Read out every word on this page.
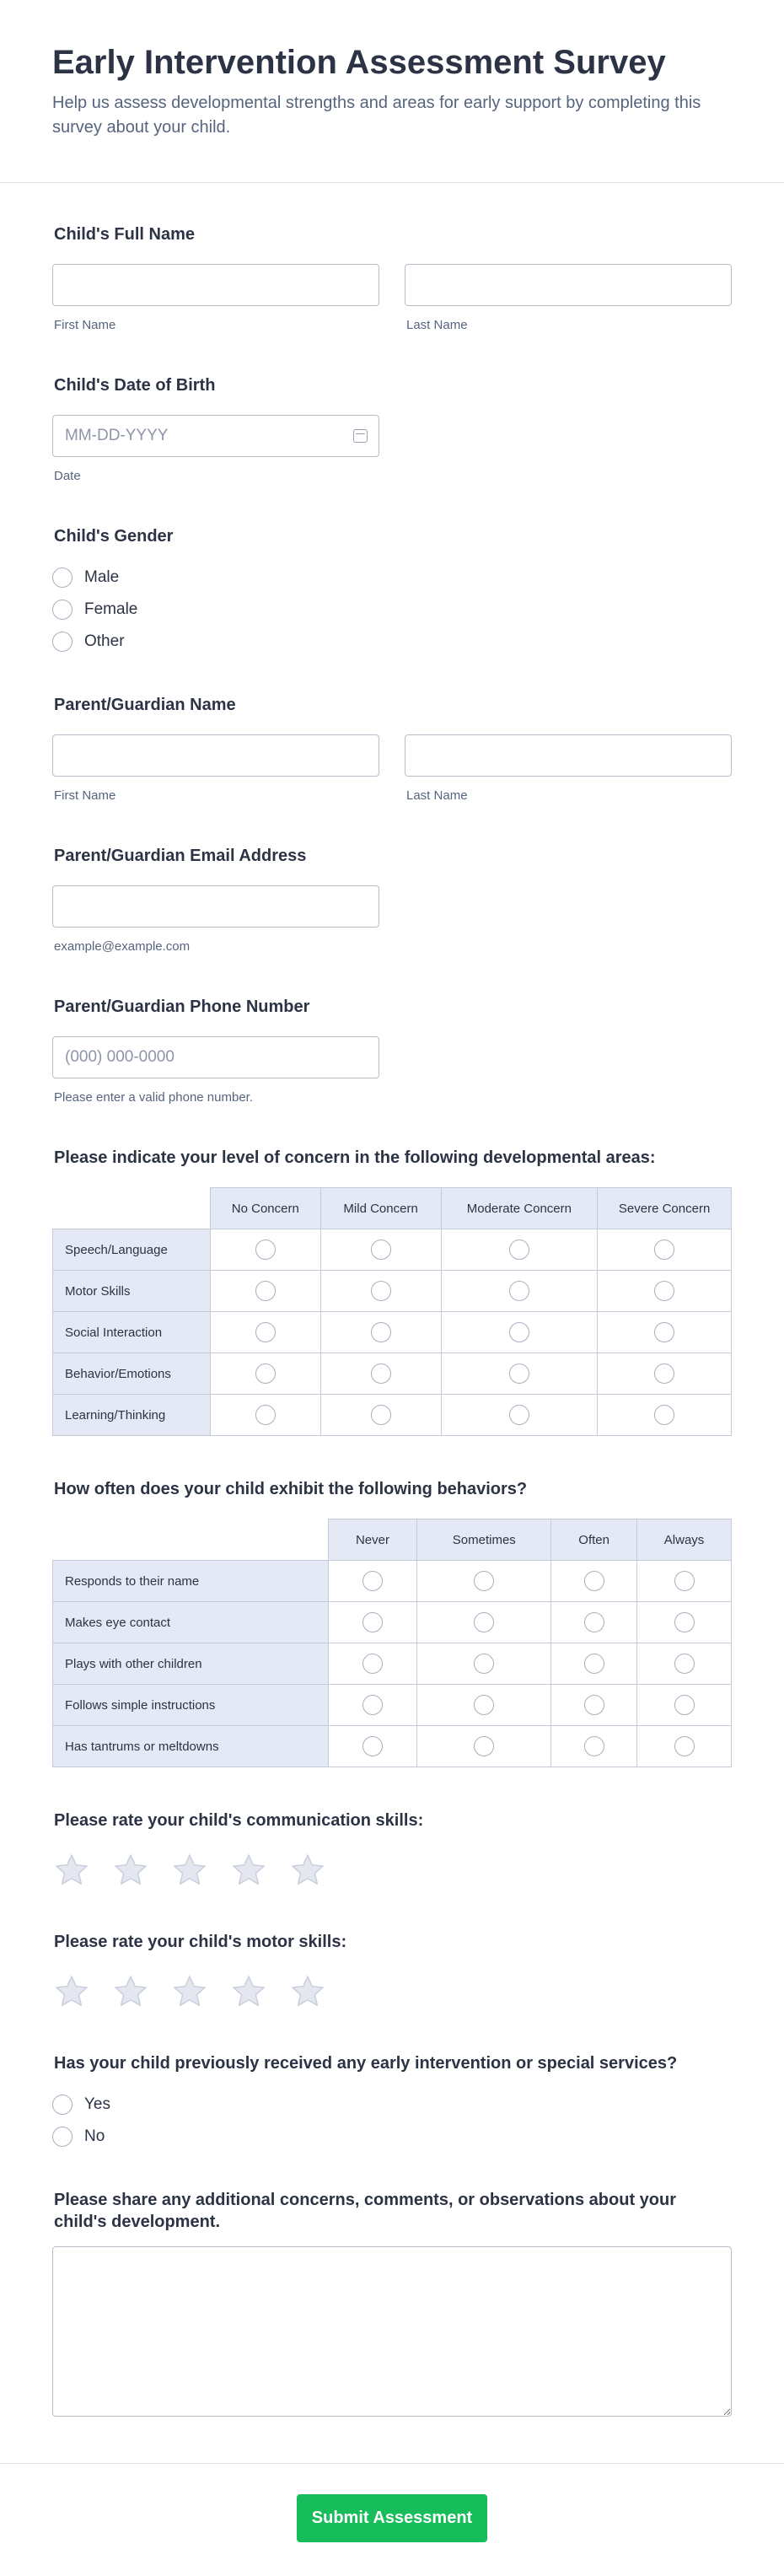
Early Intervention Assessment Survey

Help us assess developmental strengths and areas for early support by completing this survey about your child.

Child's Full Name
First Name	Last Name
Child's Date of Birth
MM-DD-YYYY
Date
Child's Gender
Male
Female
Other
Parent/Guardian Name
First Name	Last Name
Parent/Guardian Email Address
example@example.com
Parent/Guardian Phone Number
(000) 000-0000
Please enter a valid phone number.
Please indicate your level of concern in the following developmental areas:
	No Concern	Mild Concern	Moderate Concern	Severe Concern
Speech/Language				
Motor Skills				
Social Interaction				
Behavior/Emotions				
Learning/Thinking				
How often does your child exhibit the following behaviors?
	Never	Sometimes	Often	Always
Responds to their name				
Makes eye contact				
Plays with other children				
Follows simple instructions				
Has tantrums or meltdowns				
Please rate your child's communication skills:
Please rate your child's motor skills:
Has your child previously received any early intervention or special services?
Yes
No
Please share any additional concerns, comments, or observations about your child's development.
Submit Assessment
